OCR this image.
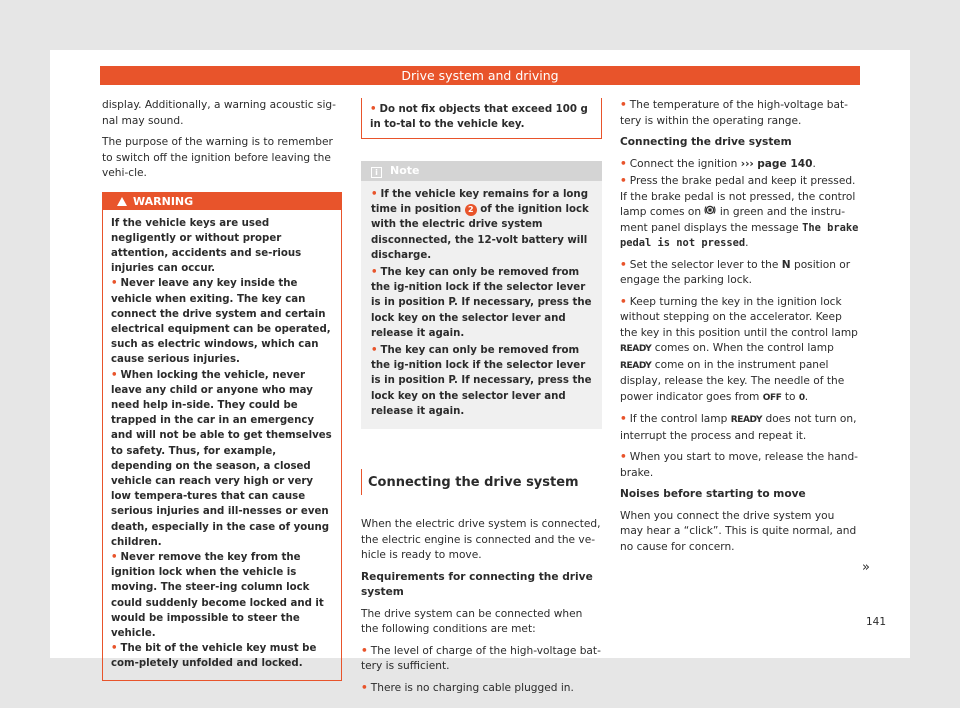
Drive system and driving

display. Additionally, a warning acoustic sig-nal may sound.

The purpose of the warning is to remember to switch off the ignition before leaving the vehi-cle.

WARNING

If the vehicle keys are used negligently or without proper attention, accidents and se-rious injuries can occur.

• Never leave any key inside the vehicle when exiting. The key can connect the drive system and certain electrical equipment can be operated, such as electric windows, which can cause serious injuries.

• When locking the vehicle, never leave any child or anyone who may need help in-side. They could be trapped in the car in an emergency and will not be able to get themselves to safety. Thus, for example, depending on the season, a closed vehicle can reach very high or very low tempera-tures that can cause serious injuries and ill-nesses or even death, especially in the case of young children.

• Never remove the key from the ignition lock when the vehicle is moving. The steer-ing column lock could suddenly become locked and it would be impossible to steer the vehicle.

• The bit of the vehicle key must be com-pletely unfolded and locked.

• Do not fix objects that exceed 100 g in to-tal to the vehicle key.
i Note

• If the vehicle key remains for a long time in position 2 of the ignition lock with the electric drive system disconnected, the 12-volt battery will discharge.

• The key can only be removed from the ig-nition lock if the selector lever is in position P. If necessary, press the lock key on the selector lever and release it again.

• The key can only be removed from the ig-nition lock if the selector lever is in position P. If necessary, press the lock key on the selector lever and release it again.

Connecting the drive system

When the electric drive system is connected, the electric engine is connected and the ve-hicle is ready to move.

Requirements for connecting the drive system

The drive system can be connected when the following conditions are met:

• The level of charge of the high-voltage bat-tery is sufficient.

• There is no charging cable plugged in.

• The temperature of the high-voltage bat-tery is within the operating range.

Connecting the drive system

• Connect the ignition ››› page 140.

• Press the brake pedal and keep it pressed. If the brake pedal is not pressed, the control lamp comes on in green and the instru-ment panel displays the message The brake pedal is not pressed.

• Set the selector lever to the N position or engage the parking lock.

• Keep turning the key in the ignition lock without stepping on the accelerator. Keep the key in this position until the control lamp READY comes on. When the control lamp READY come on in the instrument panel display, release the key. The needle of the power indicator goes from OFF to 0.

• If the control lamp READY does not turn on, interrupt the process and repeat it.

• When you start to move, release the hand-brake.

Noises before starting to move

When you connect the drive system you may hear a “click”. This is quite normal, and no cause for concern.

»
141
